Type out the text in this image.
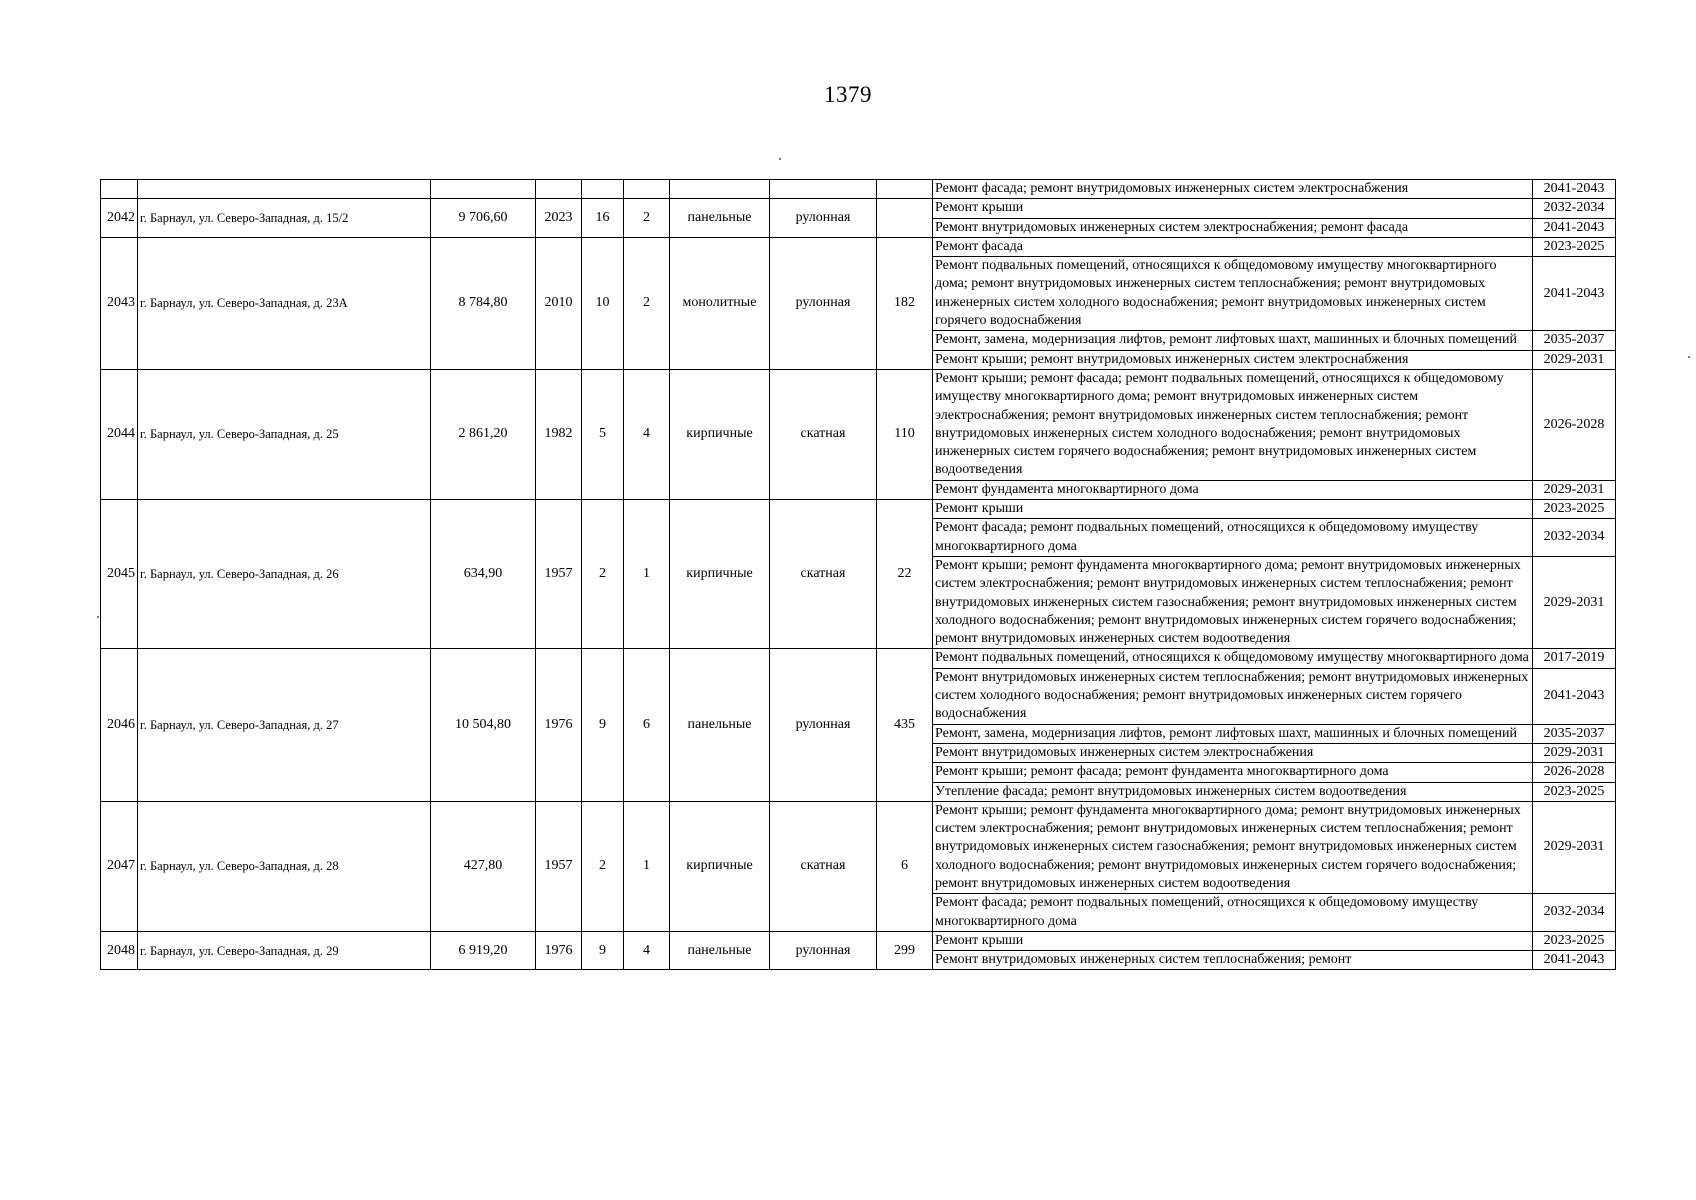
1379
									Ремонт фасада; ремонт внутридомовых инженерных систем электроснабжения	2041-2043
2042	г. Барнаул, ул. Северо-Западная, д. 15/2	9 706,60	2023	16	2	панельные	рулонная		Ремонт крыши	2032-2034
									Ремонт внутридомовых инженерных систем электроснабжения; ремонт фасада	2041-2043
2043	г. Барнаул, ул. Северо-Западная, д. 23А	8 784,80	2010	10	2	монолитные	рулонная	182	Ремонт фасада	2023-2025
									Ремонт подвальных помещений, относящихся к общедомовому имуществу многоквартирного дома; ремонт внутридомовых инженерных систем теплоснабжения; ремонт внутридомовых инженерных систем холодного водоснабжения; ремонт внутридомовых инженерных систем горячего водоснабжения	2041-2043
									Ремонт, замена, модернизация лифтов, ремонт лифтовых шахт, машинных и блочных помещений	2035-2037
									Ремонт крыши; ремонт внутридомовых инженерных систем электроснабжения	2029-2031
2044	г. Барнаул, ул. Северо-Западная, д. 25	2 861,20	1982	5	4	кирпичные	скатная	110	Ремонт крыши; ремонт фасада; ремонт подвальных помещений, относящихся к общедомовому имуществу многоквартирного дома; ремонт внутридомовых инженерных систем электроснабжения; ремонт внутридомовых инженерных систем теплоснабжения; ремонт внутридомовых инженерных систем холодного водоснабжения; ремонт внутридомовых инженерных систем горячего водоснабжения; ремонт внутридомовых инженерных систем водоотведения	2026-2028
									Ремонт фундамента многоквартирного дома	2029-2031
2045	г. Барнаул, ул. Северо-Западная, д. 26	634,90	1957	2	1	кирпичные	скатная	22	Ремонт крыши	2023-2025
									Ремонт фасада; ремонт подвальных помещений, относящихся к общедомовому имуществу многоквартирного дома	2032-2034
									Ремонт крыши; ремонт фундамента многоквартирного дома; ремонт внутридомовых инженерных систем электроснабжения; ремонт внутридомовых инженерных систем теплоснабжения; ремонт внутридомовых инженерных систем газоснабжения; ремонт внутридомовых инженерных систем холодного водоснабжения; ремонт внутридомовых инженерных систем горячего водоснабжения; ремонт внутридомовых инженерных систем водоотведения	2029-2031
2046	г. Барнаул, ул. Северо-Западная, д. 27	10 504,80	1976	9	6	панельные	рулонная	435	Ремонт подвальных помещений, относящихся к общедомовому имуществу многоквартирного дома	2017-2019
									Ремонт внутридомовых инженерных систем теплоснабжения; ремонт внутридомовых инженерных систем холодного водоснабжения; ремонт внутридомовых инженерных систем горячего водоснабжения	2041-2043
									Ремонт, замена, модернизация лифтов, ремонт лифтовых шахт, машинных и блочных помещений	2035-2037
									Ремонт внутридомовых инженерных систем электроснабжения	2029-2031
									Ремонт крыши; ремонт фасада; ремонт фундамента многоквартирного дома	2026-2028
									Утепление фасада; ремонт внутридомовых инженерных систем водоотведения	2023-2025
2047	г. Барнаул, ул. Северо-Западная, д. 28	427,80	1957	2	1	кирпичные	скатная	6	Ремонт крыши; ремонт фундамента многоквартирного дома; ремонт внутридомовых инженерных систем электроснабжения; ремонт внутридомовых инженерных систем теплоснабжения; ремонт внутридомовых инженерных систем газоснабжения; ремонт внутридомовых инженерных систем холодного водоснабжения; ремонт внутридомовых инженерных систем горячего водоснабжения; ремонт внутридомовых инженерных систем водоотведения	2029-2031
									Ремонт фасада; ремонт подвальных помещений, относящихся к общедомовому имуществу многоквартирного дома	2032-2034
2048	г. Барнаул, ул. Северо-Западная, д. 29	6 919,20	1976	9	4	панельные	рулонная	299	Ремонт крыши	2023-2025
									Ремонт внутридомовых инженерных систем теплоснабжения; ремонт	2041-2043
